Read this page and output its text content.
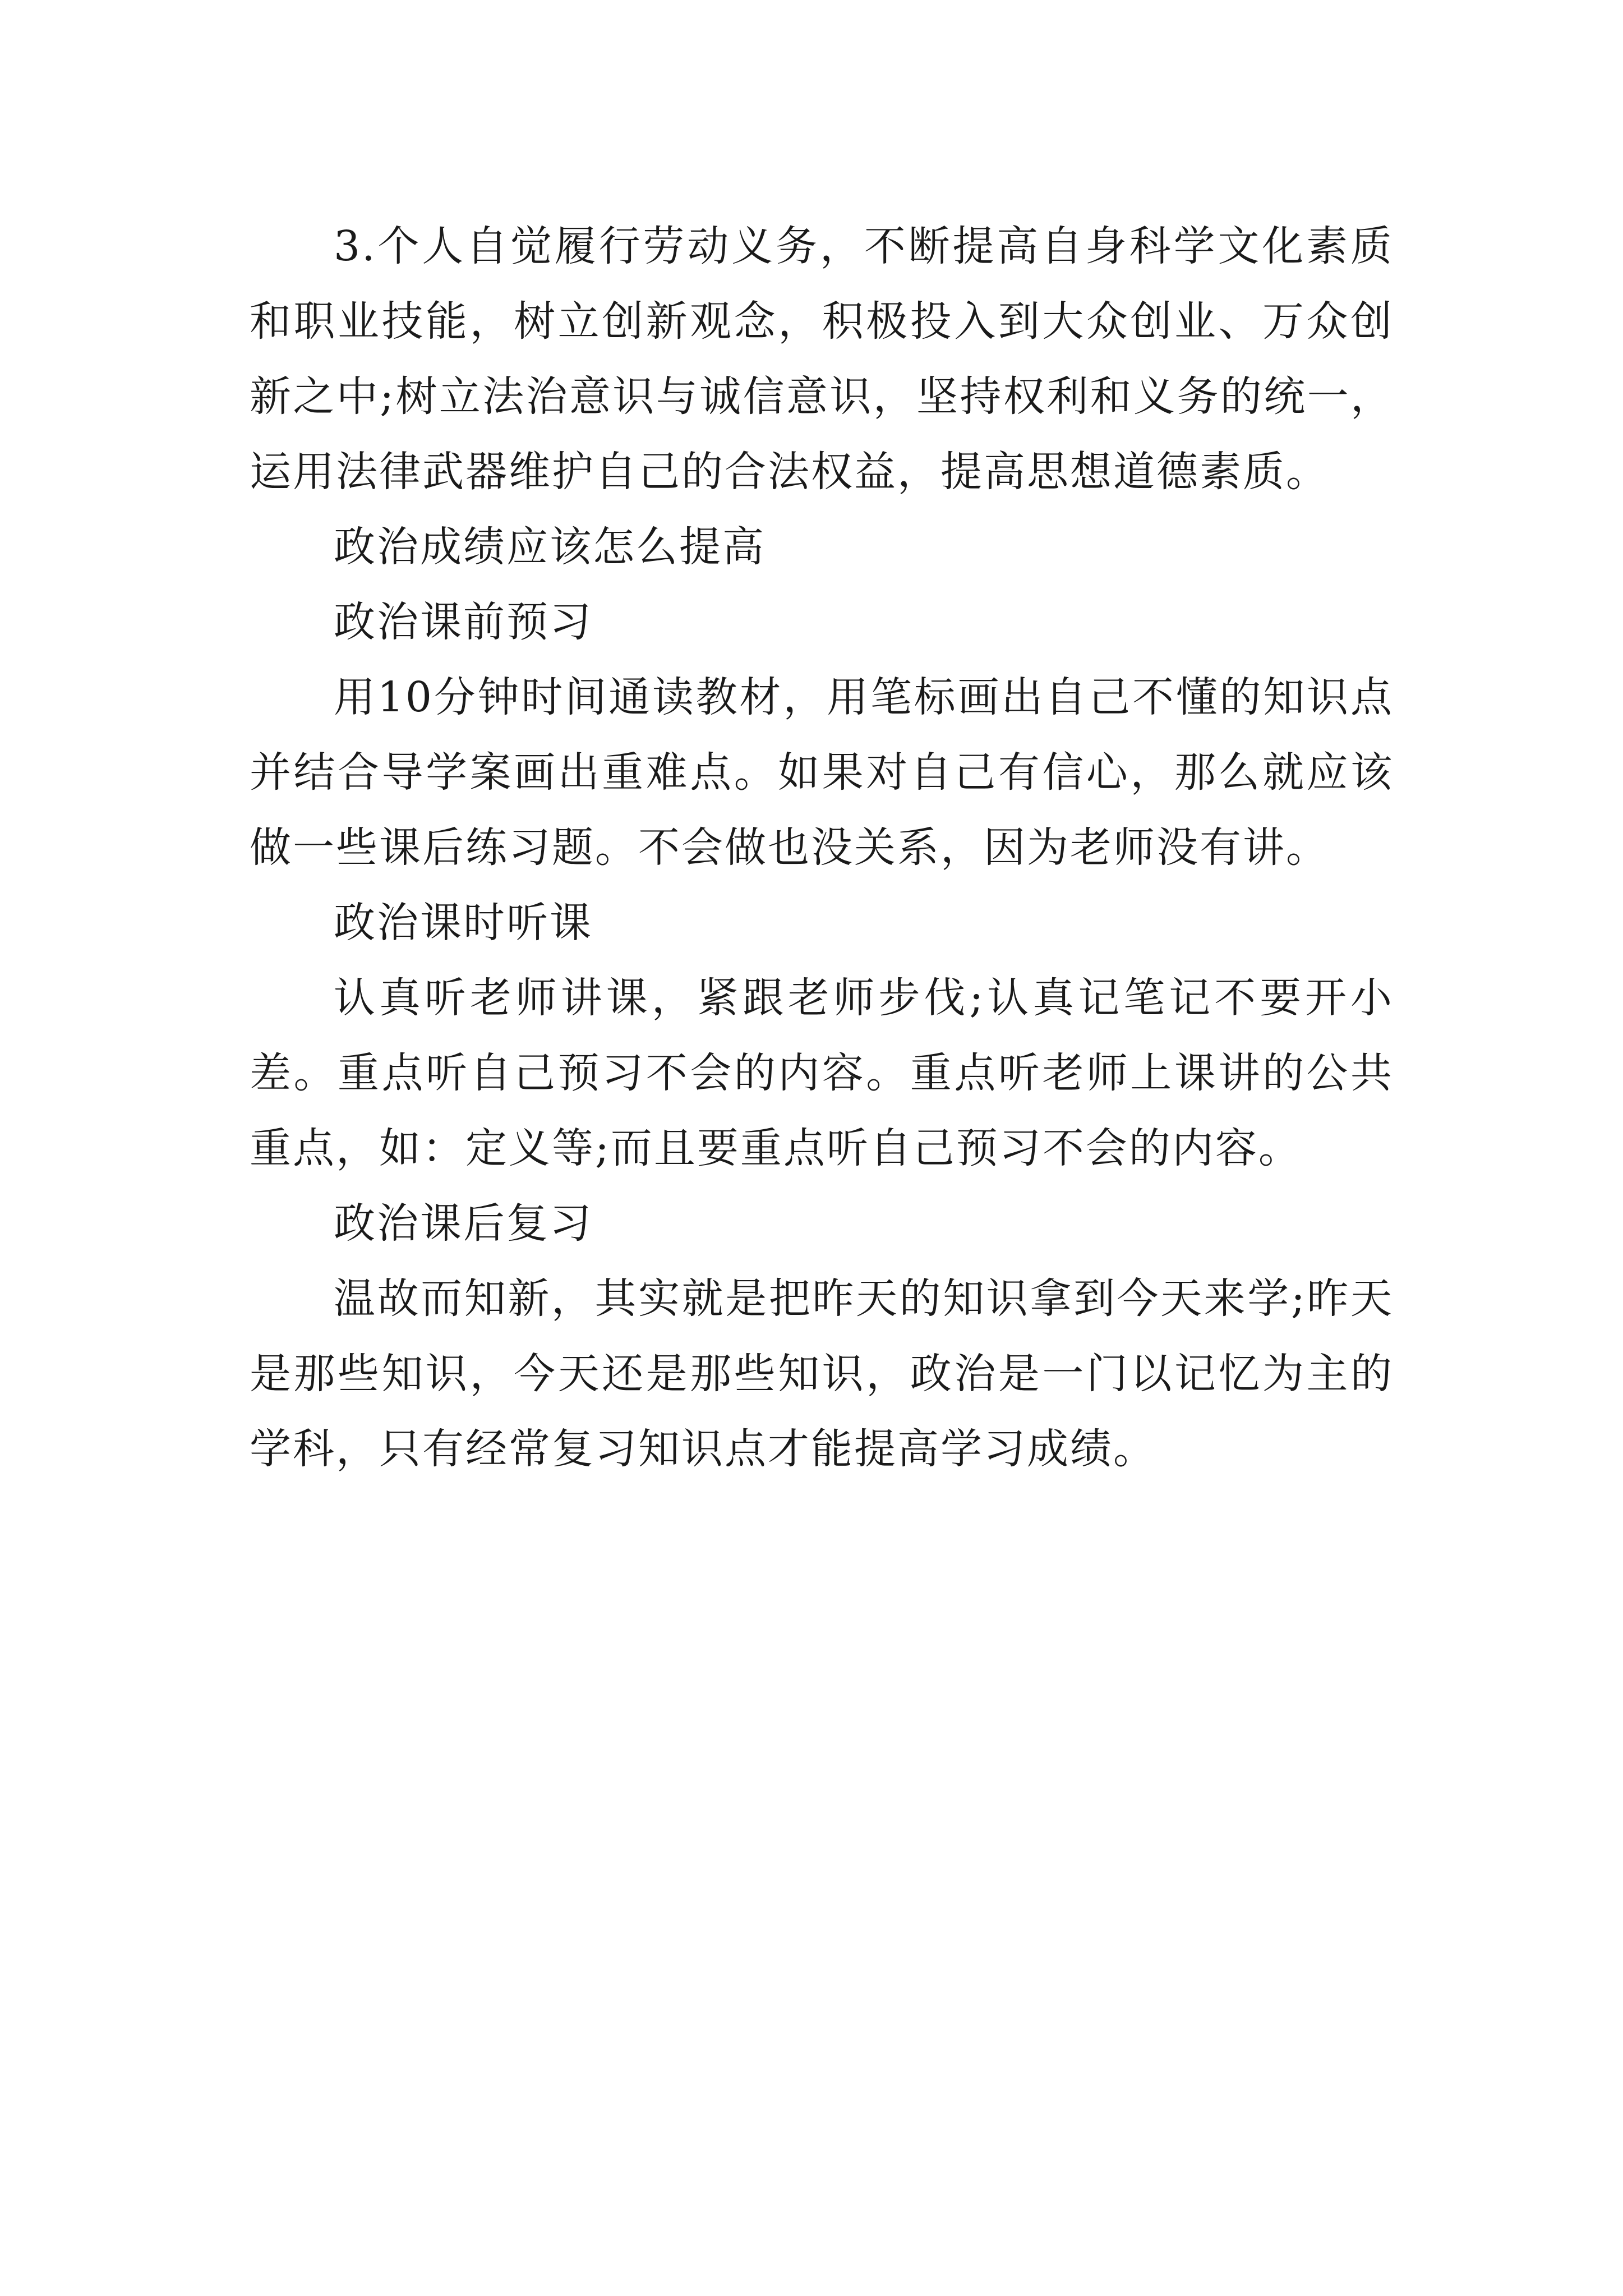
3.个人自觉履行劳动义务，不断提高自身科学文化素质和职业技能，树立创新观念，积极投入到大众创业、万众创新之中;树立法治意识与诚信意识，坚持权利和义务的统一，运用法律武器维护自己的合法权益，提高思想道德素质。

政治成绩应该怎么提高

政治课前预习

用10分钟时间通读教材，用笔标画出自己不懂的知识点并结合导学案画出重难点。如果对自己有信心，那么就应该做一些课后练习题。不会做也没关系，因为老师没有讲。

政治课时听课

认真听老师讲课，紧跟老师步伐;认真记笔记不要开小差。重点听自己预习不会的内容。重点听老师上课讲的公共重点，如：定义等;而且要重点听自己预习不会的内容。

政治课后复习

温故而知新，其实就是把昨天的知识拿到今天来学;昨天是那些知识，今天还是那些知识，政治是一门以记忆为主的学科，只有经常复习知识点才能提高学习成绩。
